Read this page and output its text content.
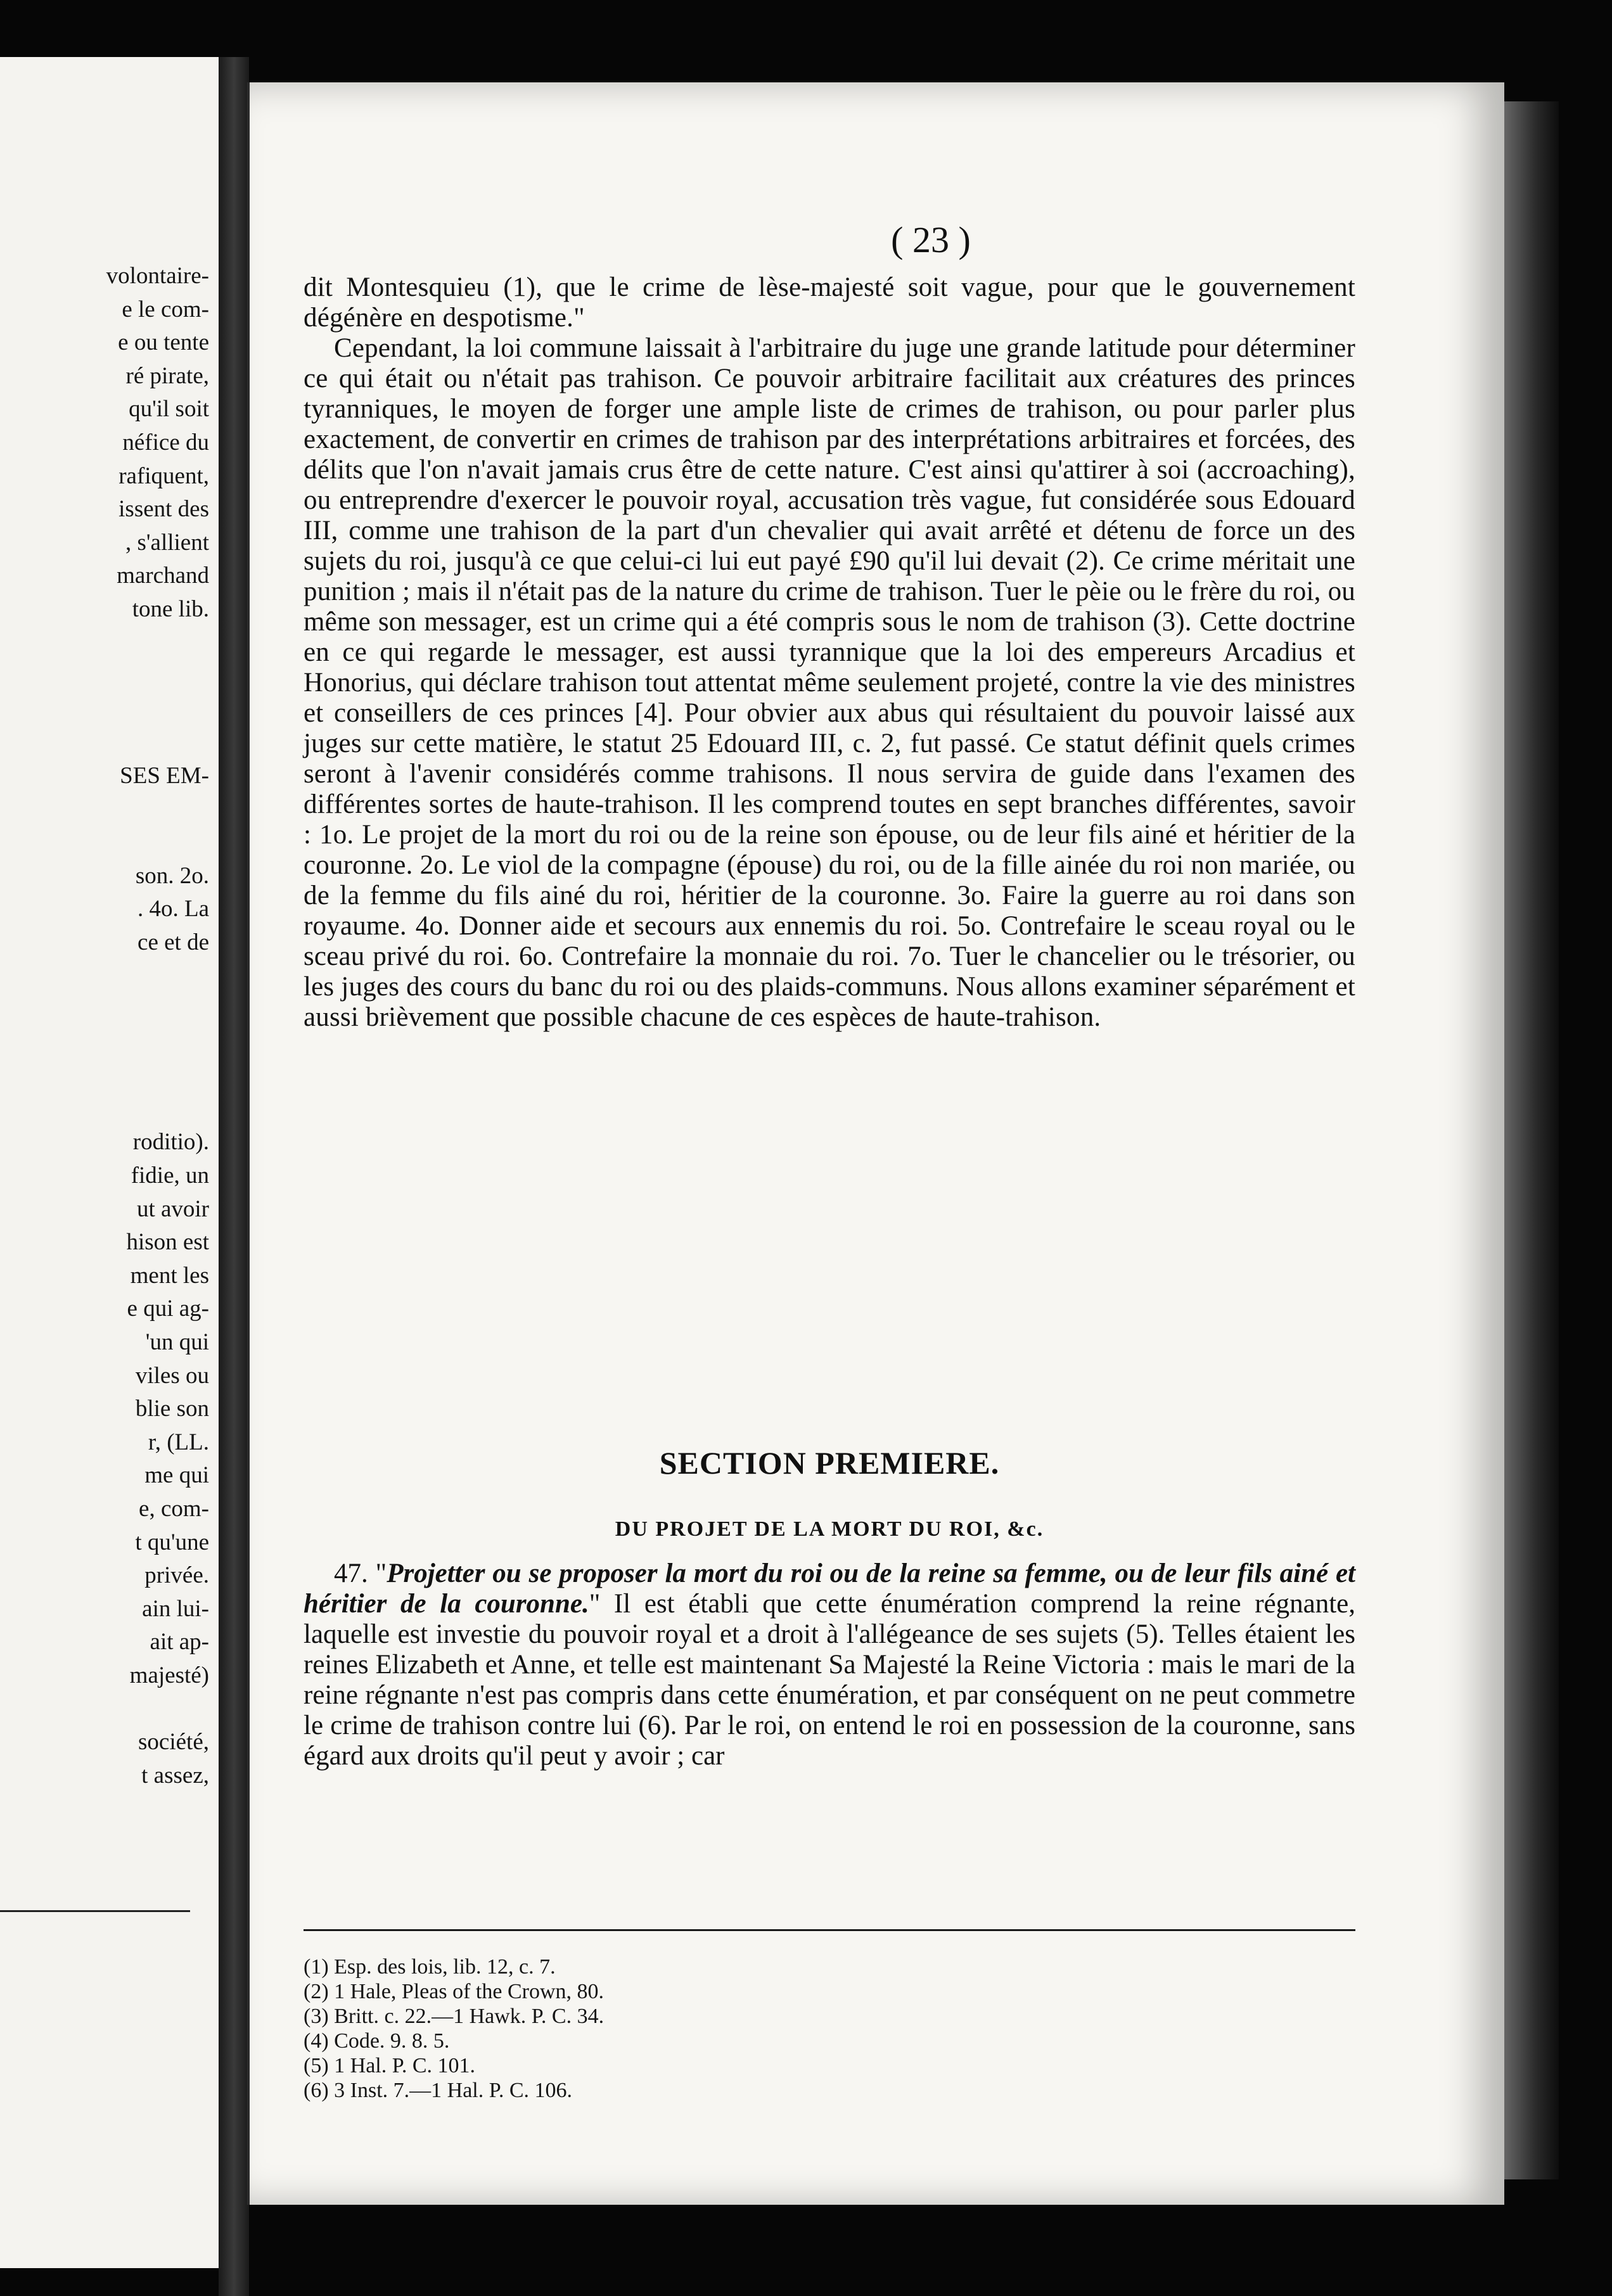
volontaire-
e le com-
e ou tente
ré pirate,
qu'il soit
néfice du
rafiquent,
issent des
, s'allient
marchand
tone lib.
SES EM-
son. 2o.
. 4o. La
ce et de
roditio).
fidie, un
ut avoir
hison est
ment les
e qui ag-
'un qui
viles ou
blie son
r, (LL.
me qui
e, com-
t qu'une
privée.
ain lui-
ait ap-
majesté)
société,
t assez,
( 23 )

dit Montesquieu (1), que le crime de lèse-majesté soit vague, pour que le gouvernement dégénère en despotisme."

Cependant, la loi commune laissait à l'arbitraire du juge une grande latitude pour déterminer ce qui était ou n'était pas trahison. Ce pouvoir arbitraire facilitait aux créatures des princes tyranniques, le moyen de forger une ample liste de crimes de trahison, ou pour parler plus exactement, de convertir en crimes de trahison par des interprétations arbitraires et forcées, des délits que l'on n'avait jamais crus être de cette nature. C'est ainsi qu'attirer à soi (accroaching), ou entreprendre d'exercer le pouvoir royal, accusation très vague, fut considérée sous Edouard III, comme une trahison de la part d'un chevalier qui avait arrêté et détenu de force un des sujets du roi, jusqu'à ce que celui-ci lui eut payé £90 qu'il lui devait (2). Ce crime méritait une punition ; mais il n'était pas de la nature du crime de trahison. Tuer le pèie ou le frère du roi, ou même son messager, est un crime qui a été compris sous le nom de trahison (3). Cette doctrine en ce qui regarde le messager, est aussi tyrannique que la loi des empereurs Arcadius et Honorius, qui déclare trahison tout attentat même seulement projeté, contre la vie des ministres et conseillers de ces princes [4]. Pour obvier aux abus qui résultaient du pouvoir laissé aux juges sur cette matière, le statut 25 Edouard III, c. 2, fut passé. Ce statut définit quels crimes seront à l'avenir considérés comme trahisons. Il nous servira de guide dans l'examen des différentes sortes de haute-trahison. Il les comprend toutes en sept branches différentes, savoir : 1o. Le projet de la mort du roi ou de la reine son épouse, ou de leur fils ainé et héritier de la couronne. 2o. Le viol de la compagne (épouse) du roi, ou de la fille ainée du roi non mariée, ou de la femme du fils ainé du roi, héritier de la couronne. 3o. Faire la guerre au roi dans son royaume. 4o. Donner aide et secours aux ennemis du roi. 5o. Contrefaire le sceau royal ou le sceau privé du roi. 6o. Contrefaire la monnaie du roi. 7o. Tuer le chancelier ou le trésorier, ou les juges des cours du banc du roi ou des plaids-communs. Nous allons examiner séparément et aussi brièvement que possible chacune de ces espèces de haute-trahison.

SECTION PREMIERE.
DU PROJET DE LA MORT DU ROI, &c.

47. "Projetter ou se proposer la mort du roi ou de la reine sa femme, ou de leur fils ainé et héritier de la couronne." Il est établi que cette énumération comprend la reine régnante, laquelle est investie du pouvoir royal et a droit à l'allégeance de ses sujets (5). Telles étaient les reines Elizabeth et Anne, et telle est maintenant Sa Majesté la Reine Victoria : mais le mari de la reine régnante n'est pas compris dans cette énumération, et par conséquent on ne peut commetre le crime de trahison contre lui (6). Par le roi, on entend le roi en possession de la couronne, sans égard aux droits qu'il peut y avoir ; car

(1) Esp. des lois, lib. 12, c. 7.
(2) 1 Hale, Pleas of the Crown, 80.
(3) Britt. c. 22.—1 Hawk. P. C. 34.
(4) Code. 9. 8. 5.
(5) 1 Hal. P. C. 101.
(6) 3 Inst. 7.—1 Hal. P. C. 106.
